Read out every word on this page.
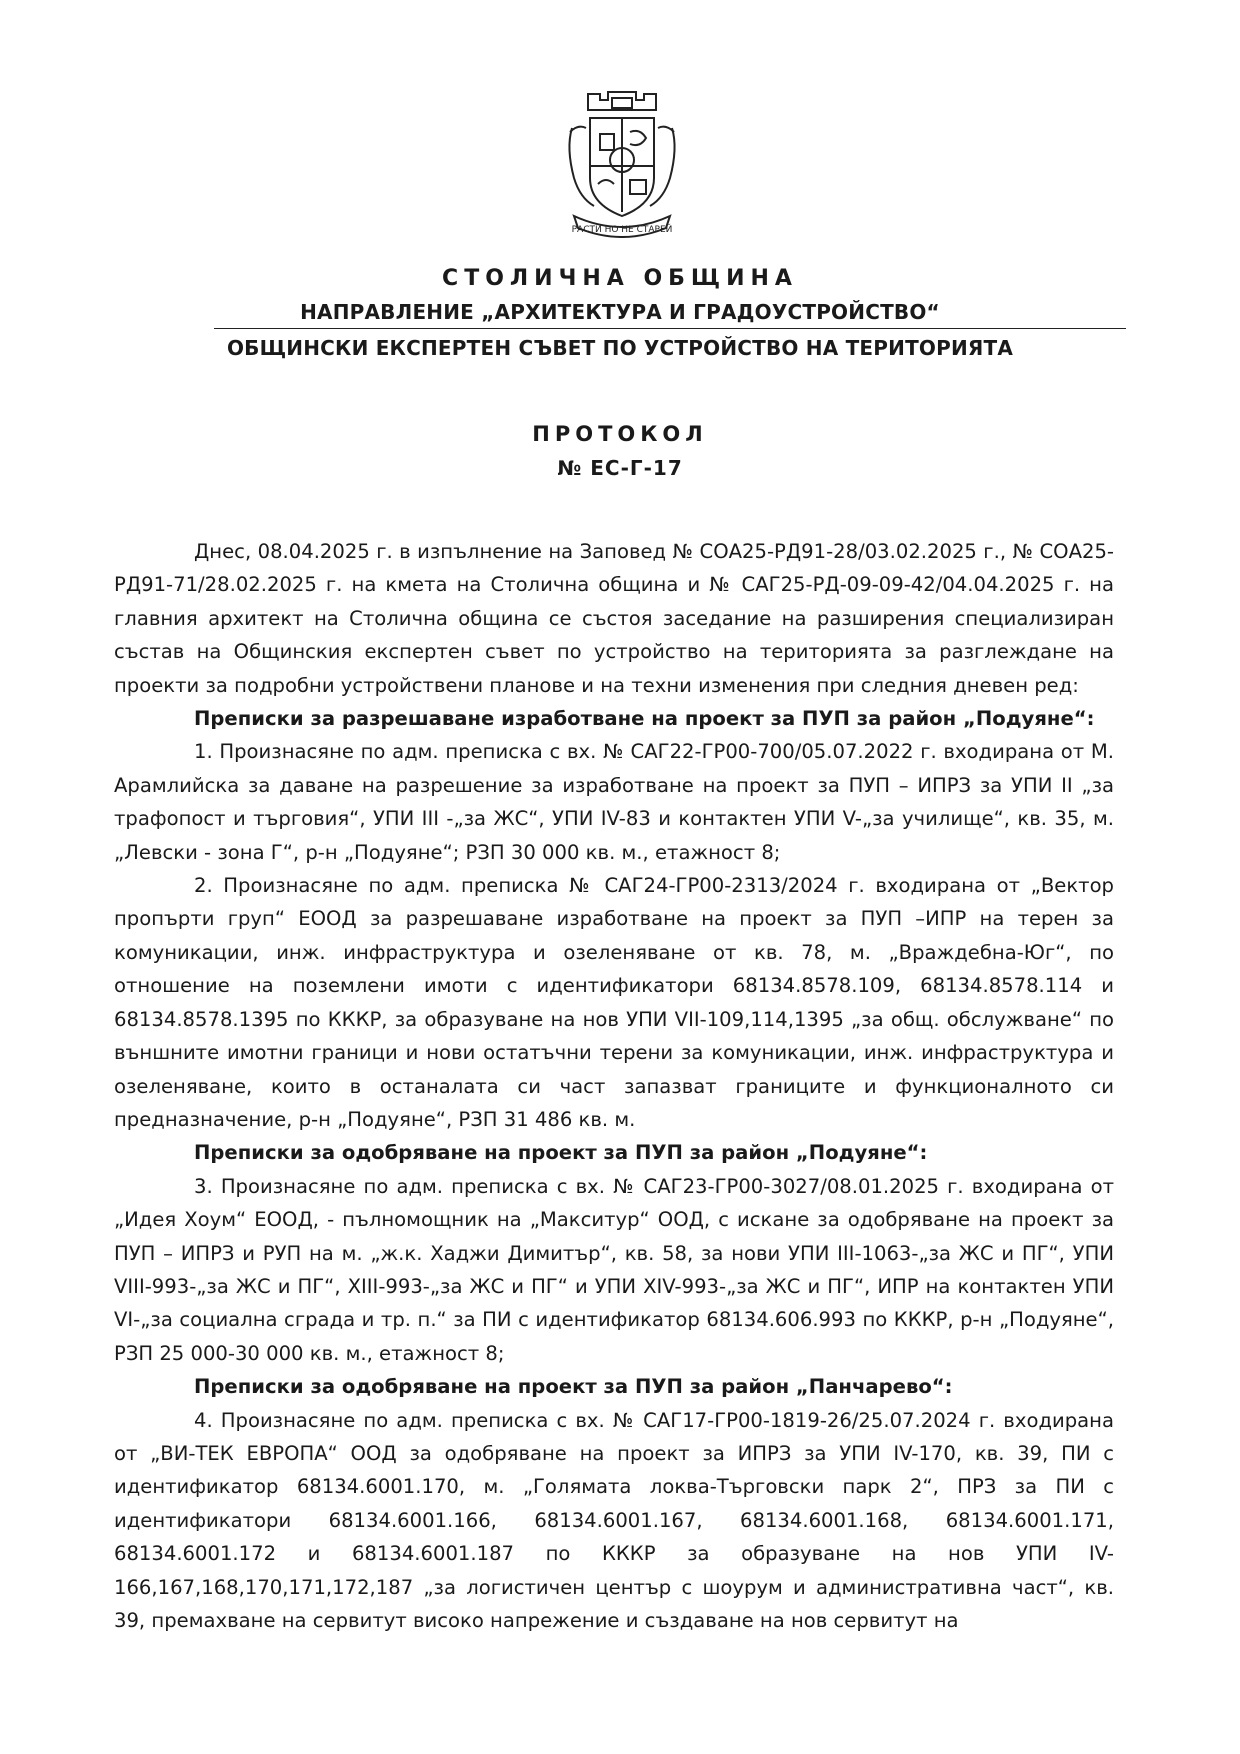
РАСТИ НО НЕ СТАРЕЙ
СТОЛИЧНА ОБЩИНА
НАПРАВЛЕНИЕ „АРХИТЕКТУРА И ГРАДОУСТРОЙСТВО“
ОБЩИНСКИ ЕКСПЕРТЕН СЪВЕТ ПО УСТРОЙСТВО НА ТЕРИТОРИЯТА
ПРОТОКОЛ
№ ЕС-Г-17

Днес, 08.04.2025 г. в изпълнение на Заповед № СОА25-РД91-28/03.02.2025 г., № СОА25-РД91-71/28.02.2025 г. на кмета на Столична община и № САГ25-РД-09-09-42/04.04.2025 г. на главния архитект на Столична община се състоя заседание на разширения специализиран състав на Общинския експертен съвет по устройство на територията за разглеждане на проекти за подробни устройствени планове и на техни изменения при следния дневен ред:

Преписки за разрешаване изработване на проект за ПУП за район „Подуяне“:

1. Произнасяне по адм. преписка с вх. № САГ22-ГР00-700/05.07.2022 г. входирана от М. Арамлийска за даване на разрешение за изработване на проект за ПУП – ИПРЗ за УПИ II „за трафопост и търговия“, УПИ III -„за ЖС“, УПИ IV-83 и контактен УПИ V-„за училище“, кв. 35, м. „Левски - зона Г“, р-н „Подуяне“; РЗП 30 000 кв. м., етажност 8;

2. Произнасяне по адм. преписка № САГ24-ГР00-2313/2024 г. входирана от „Вектор пропърти груп“ ЕООД за разрешаване изработване на проект за ПУП –ИПР на терен за комуникации, инж. инфраструктура и озеленяване от кв. 78, м. „Враждебна-Юг“, по отношение на поземлени имоти с идентификатори 68134.8578.109, 68134.8578.114 и 68134.8578.1395 по КККР, за образуване на нов УПИ VII-109,114,1395 „за общ. обслужване“ по външните имотни граници и нови остатъчни терени за комуникации, инж. инфраструктура и озеленяване, които в останалата си част запазват границите и функционалното си предназначение, р-н „Подуяне“, РЗП 31 486 кв. м.

Преписки за одобряване на проект за ПУП за район „Подуяне“:

3. Произнасяне по адм. преписка с вх. № САГ23-ГР00-3027/08.01.2025 г. входирана от „Идея Хоум“ ЕООД, - пълномощник на „Макситур“ ООД, с искане за одобряване на проект за ПУП – ИПРЗ и РУП на м. „ж.к. Хаджи Димитър“, кв. 58, за нови УПИ III-1063-„за ЖС и ПГ“, УПИ VIII-993-„за ЖС и ПГ“, XIII-993-„за ЖС и ПГ“ и УПИ XIV-993-„за ЖС и ПГ“, ИПР на контактен УПИ VI-„за социална сграда и тр. п.“ за ПИ с идентификатор 68134.606.993 по КККР, р-н „Подуяне“, РЗП 25 000-30 000 кв. м., етажност 8;

Преписки за одобряване на проект за ПУП за район „Панчарево“:

4. Произнасяне по адм. преписка с вх. № САГ17-ГР00-1819-26/25.07.2024 г. входирана от „ВИ-ТЕК ЕВРОПА“ ООД за одобряване на проект за ИПРЗ за УПИ IV-170, кв. 39, ПИ с идентификатор 68134.6001.170, м. „Голямата локва-Търговски парк 2“, ПРЗ за ПИ с идентификатори 68134.6001.166, 68134.6001.167, 68134.6001.168, 68134.6001.171, 68134.6001.172 и 68134.6001.187 по КККР за образуване на нов УПИ IV-166,167,168,170,171,172,187 „за логистичен център с шоурум и административна част“, кв. 39, премахване на сервитут високо напрежение и създаване на нов сервитут на
